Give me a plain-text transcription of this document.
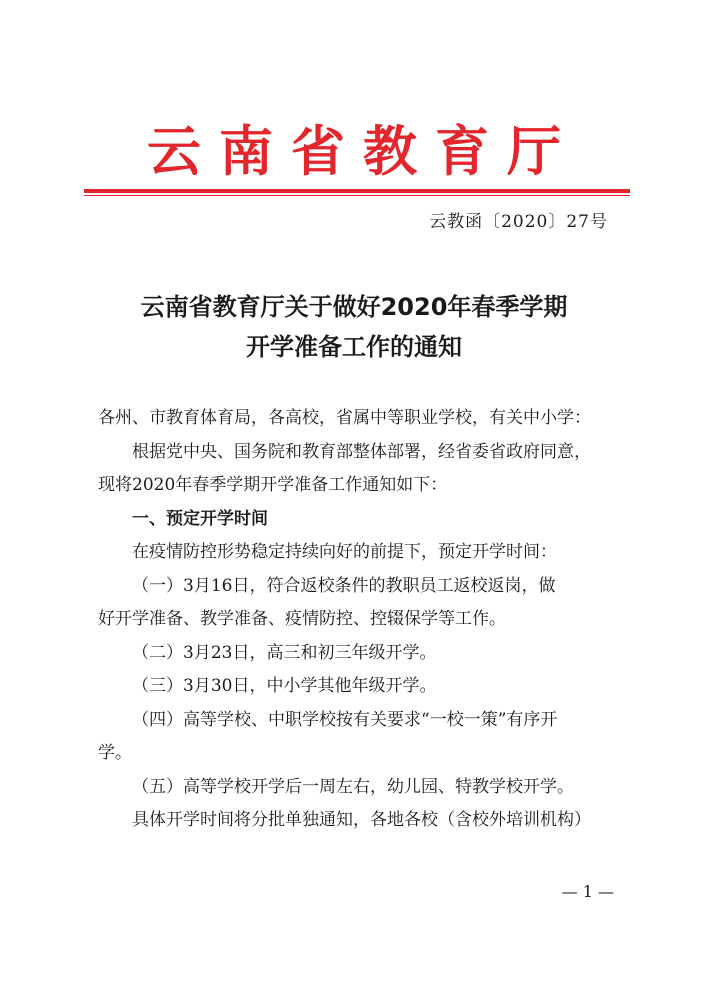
云南省教育厅
云教函〔2020〕27号
云南省教育厅关于做好2020年春季学期
开学准备工作的通知

各州、市教育体育局，各高校，省属中等职业学校，有关中小学：

根据党中央、国务院和教育部整体部署，经省委省政府同意，

现将2020年春季学期开学准备工作通知如下：

一、预定开学时间

在疫情防控形势稳定持续向好的前提下，预定开学时间：

（一）3月16日，符合返校条件的教职员工返校返岗，做

好开学准备、教学准备、疫情防控、控辍保学等工作。

（二）3月23日，高三和初三年级开学。

（三）3月30日，中小学其他年级开学。

（四）高等学校、中职学校按有关要求“一校一策”有序开

学。

（五）高等学校开学后一周左右，幼儿园、特教学校开学。

具体开学时间将分批单独通知，各地各校（含校外培训机构）

— 1 —
